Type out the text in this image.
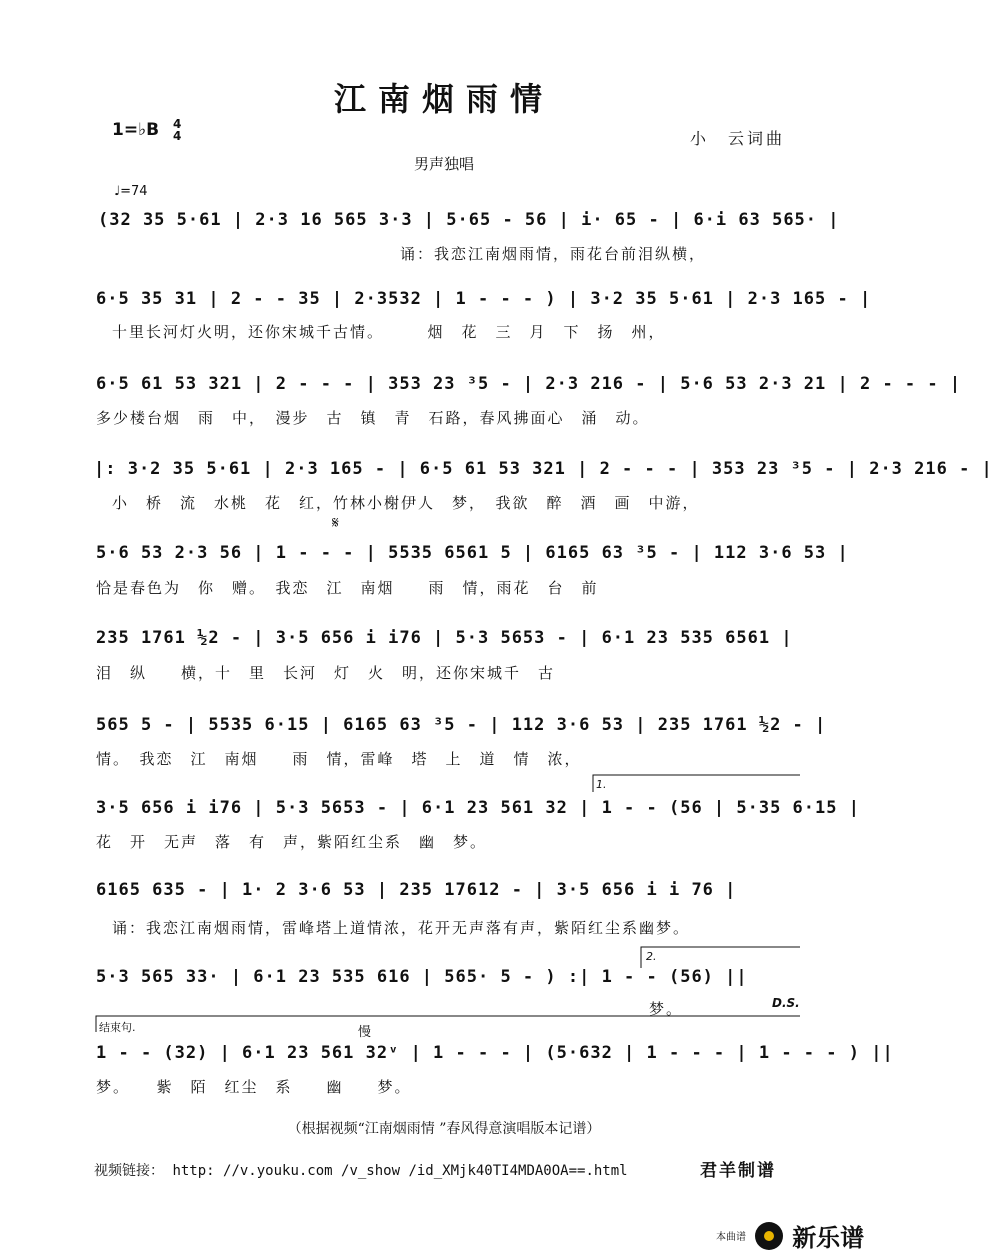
江南烟雨情
1=♭B 4
4	小　云词曲
男声独唱
♩=74
(32 35 5·61 | 2·3 16 565 3·3 | 5·65 - 56 | i· 65 - | 6·i 63 565· |
诵：我恋江南烟雨情，雨花台前泪纵横，
6·5 35 31 | 2 - - 35 | 2·3532 | 1 - - - ) | 3·2 35 5·61 | 2·3 165 - |
十里长河灯火明，还你宋城千古情。　　　烟　花　三　月　下　扬　州，
6·5 61 53 321 | 2 - - - | 353 23 ³5 - | 2·3 216 - | 5·6 53 2·3 21 | 2 - - - |
多少楼台烟　雨　中，　漫步　古　镇　青　石路，春风拂面心　涌　动。
|: 3·2 35 5·61 | 2·3 165 - | 6·5 61 53 321 | 2 - - - | 353 23 ³5 - | 2·3 216 - |
小　桥　流　水桃　花　红，竹林小榭伊人　梦，　我欲　醉　酒　画　中游，
5·6 53 2·3 56 | 1 - - - | 5535 6561 5 | 6165 63 ³5 - | 112 3·6 53 |
恰是春色为　你　赠。　我恋　江　南烟　　雨　情，雨花　台　前
235 1761 ½2 - | 3·5 656 i i76 | 5·3 5653 - | 6·1 23 535 6561 |
泪　纵　　横，十　里　长河　灯　火　明，还你宋城千　古
565 5 - | 5535 6·15 | 6165 63 ³5 - | 112 3·6 53 | 235 1761 ½2 - |
情。　我恋　江　南烟　　雨　情，雷峰　塔　上　道　情　浓，
3·5 656 i i76 | 5·3 5653 - | 6·1 23 561 32 | 1 - - (56 | 5·35 6·15 |
花　开　无声　落　有　声，紫陌红尘系　幽　梦。
6165 635 - | 1· 2 3·6 53 | 235 17612 - | 3·5 656 i i 76 |
诵：我恋江南烟雨情，雷峰塔上道情浓，花开无声落有声，紫陌红尘系幽梦。
5·3 565 33· | 6·1 23 535 616 | 565· 5 - ) :| 1 - - (56) ||
梦。
1 - - (32) | 6·1 23 561 32ᵛ | 1 - - - | (5·632 | 1 - - - | 1 - - - ) ||
梦。　　紫　陌　红尘　系　　幽　　梦。
1.
2.
D.S.
结束句.	慢
𝄋
（根据视频“江南烟雨情 ”春风得意演唱版本记谱）
视频链接： http: //v.youku.com /v_show /id_XMjk40TI4MDA0OA==.html	君羊制谱
本曲谱 新乐谱
